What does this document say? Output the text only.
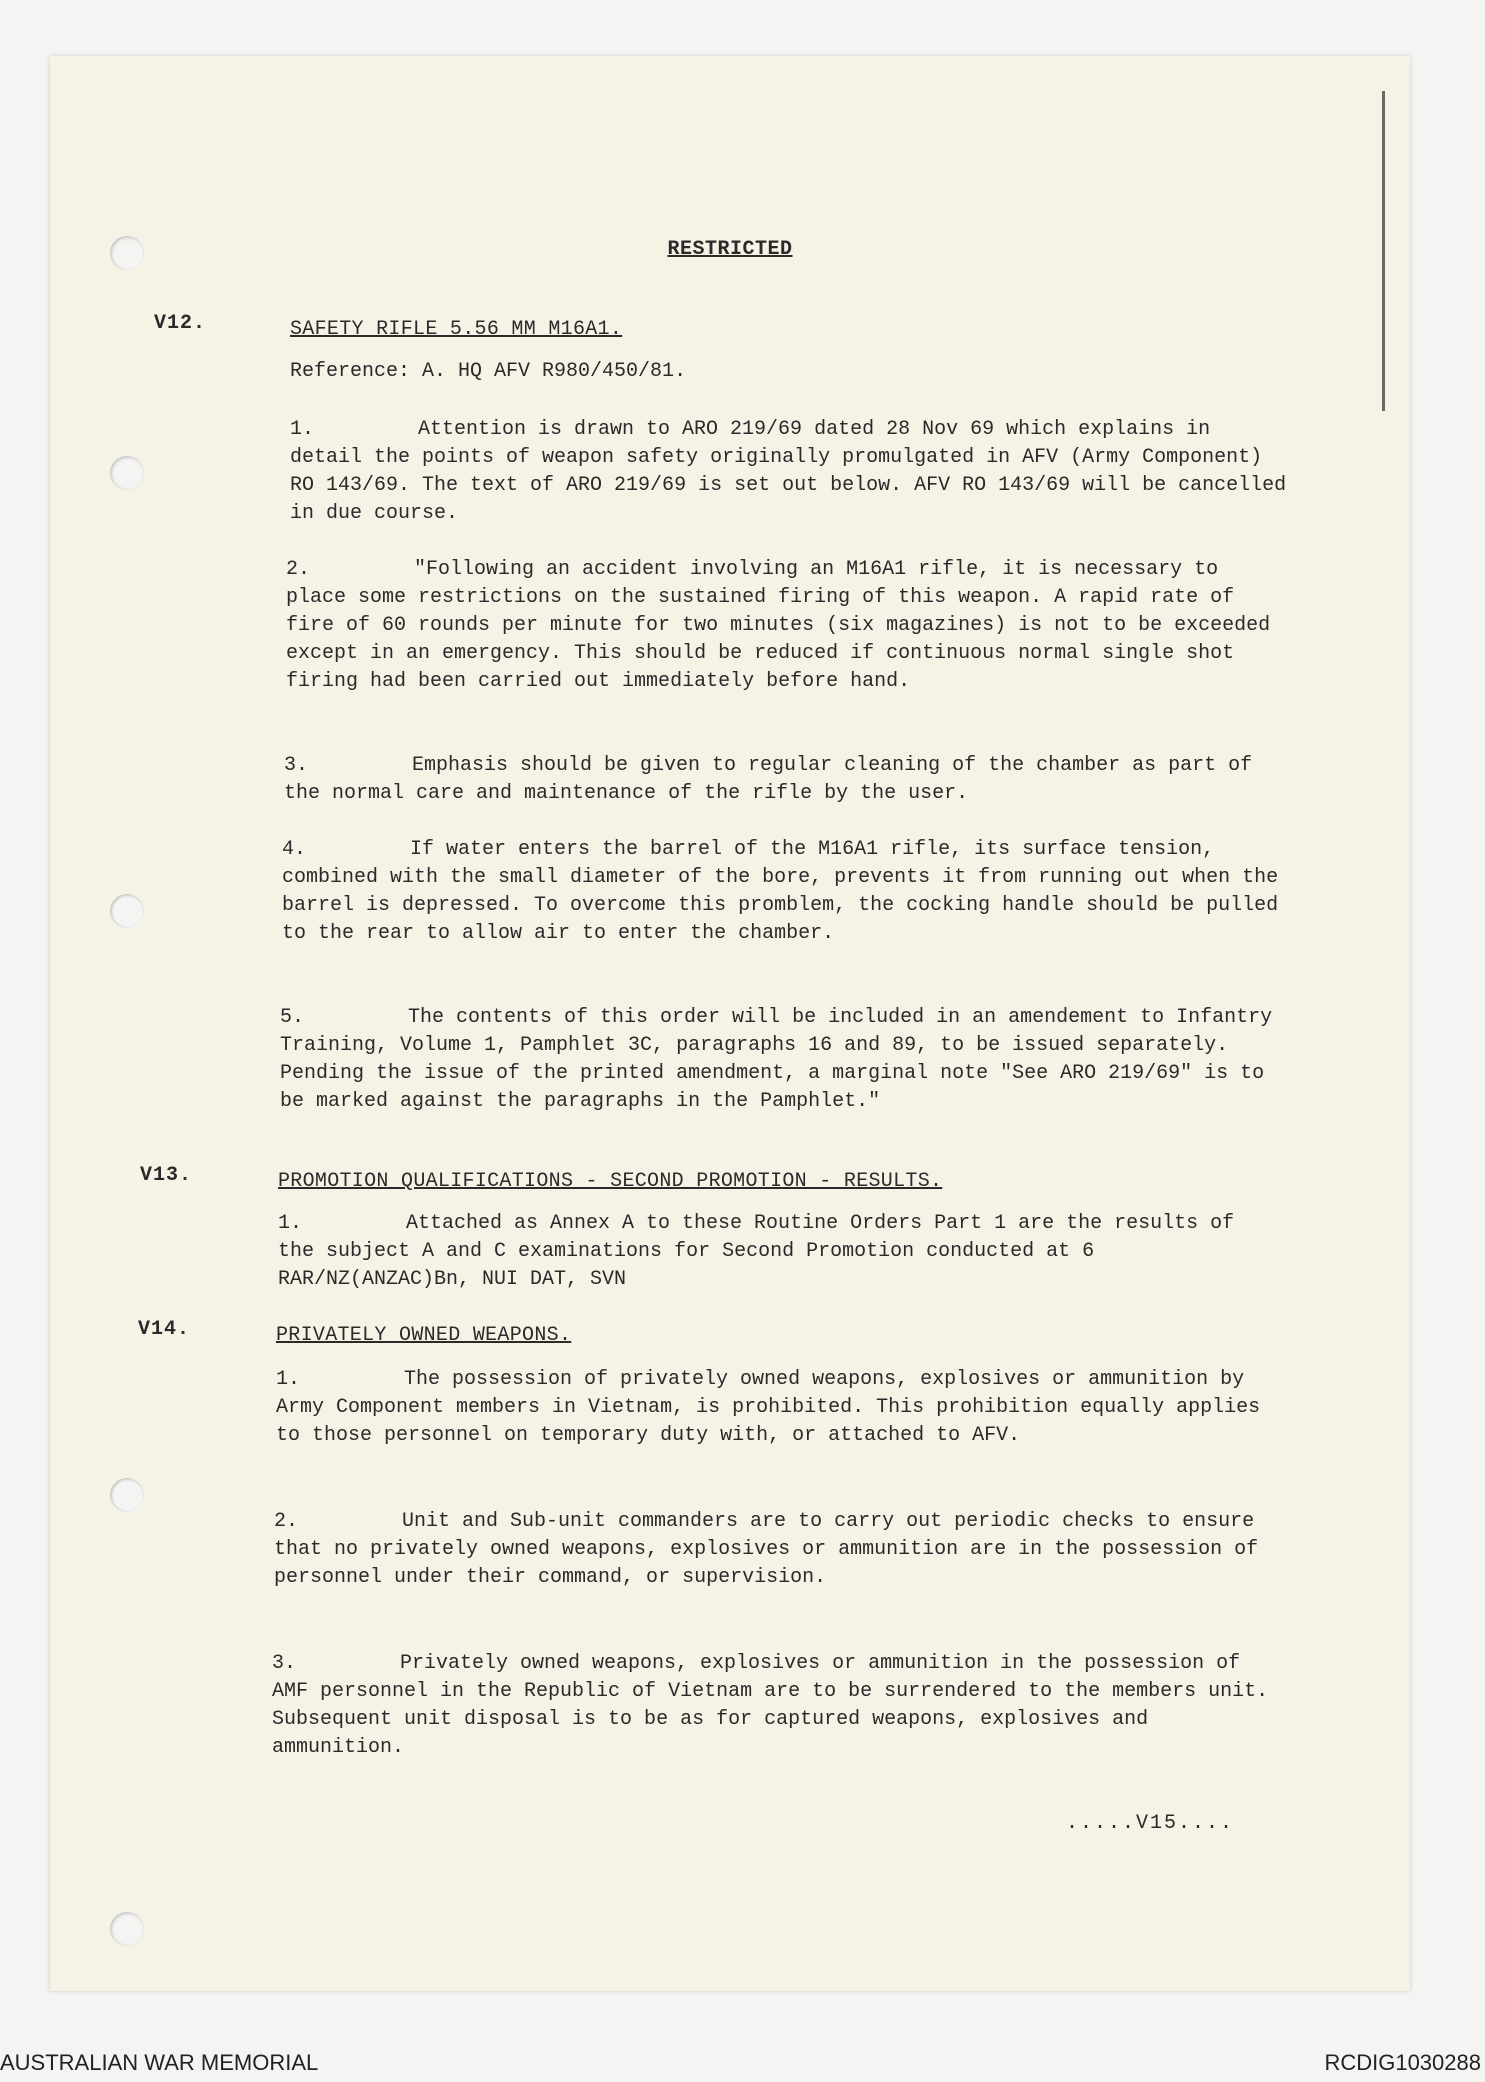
RESTRICTED
V12.	SAFETY RIFLE 5.56 MM M16A1.
Reference: A. HQ AFV R980/450/81.
1.	Attention is drawn to ARO 219/69 dated 28 Nov 69 which explains in detail the points of weapon safety originally promulgated in AFV (Army Component) RO 143/69. The text of ARO 219/69 is set out below. AFV RO 143/69 will be cancelled in due course.
2.	"Following an accident involving an M16A1 rifle, it is necessary to place some restrictions on the sustained firing of this weapon. A rapid rate of fire of 60 rounds per minute for two minutes (six magazines) is not to be exceeded except in an emergency. This should be reduced if continuous normal single shot firing had been carried out immediately before hand.
3.	Emphasis should be given to regular cleaning of the chamber as part of the normal care and maintenance of the rifle by the user.
4.	If water enters the barrel of the M16A1 rifle, its surface tension, combined with the small diameter of the bore, prevents it from running out when the barrel is depressed. To overcome this promblem, the cocking handle should be pulled to the rear to allow air to enter the chamber.
5.	The contents of this order will be included in an amendement to Infantry Training, Volume 1, Pamphlet 3C, paragraphs 16 and 89, to be issued separately. Pending the issue of the printed amendment, a marginal note "See ARO 219/69" is to be marked against the paragraphs in the Pamphlet."
V13.	PROMOTION QUALIFICATIONS - SECOND PROMOTION - RESULTS.
1.	Attached as Annex A to these Routine Orders Part 1 are the results of the subject A and C examinations for Second Promotion conducted at 6 RAR/NZ(ANZAC)Bn, NUI DAT, SVN
V14.	PRIVATELY OWNED WEAPONS.
1.	The possession of privately owned weapons, explosives or ammunition by Army Component members in Vietnam, is prohibited. This prohibition equally applies to those personnel on temporary duty with, or attached to AFV.
2.	Unit and Sub-unit commanders are to carry out periodic checks to ensure that no privately owned weapons, explosives or ammunition are in the possession of personnel under their command, or supervision.
3.	Privately owned weapons, explosives or ammunition in the possession of AMF personnel in the Republic of Vietnam are to be surrendered to the members unit. Subsequent unit disposal is to be as for captured weapons, explosives and ammunition.
.....V15....
AUSTRALIAN WAR MEMORIAL	RCDIG1030288
